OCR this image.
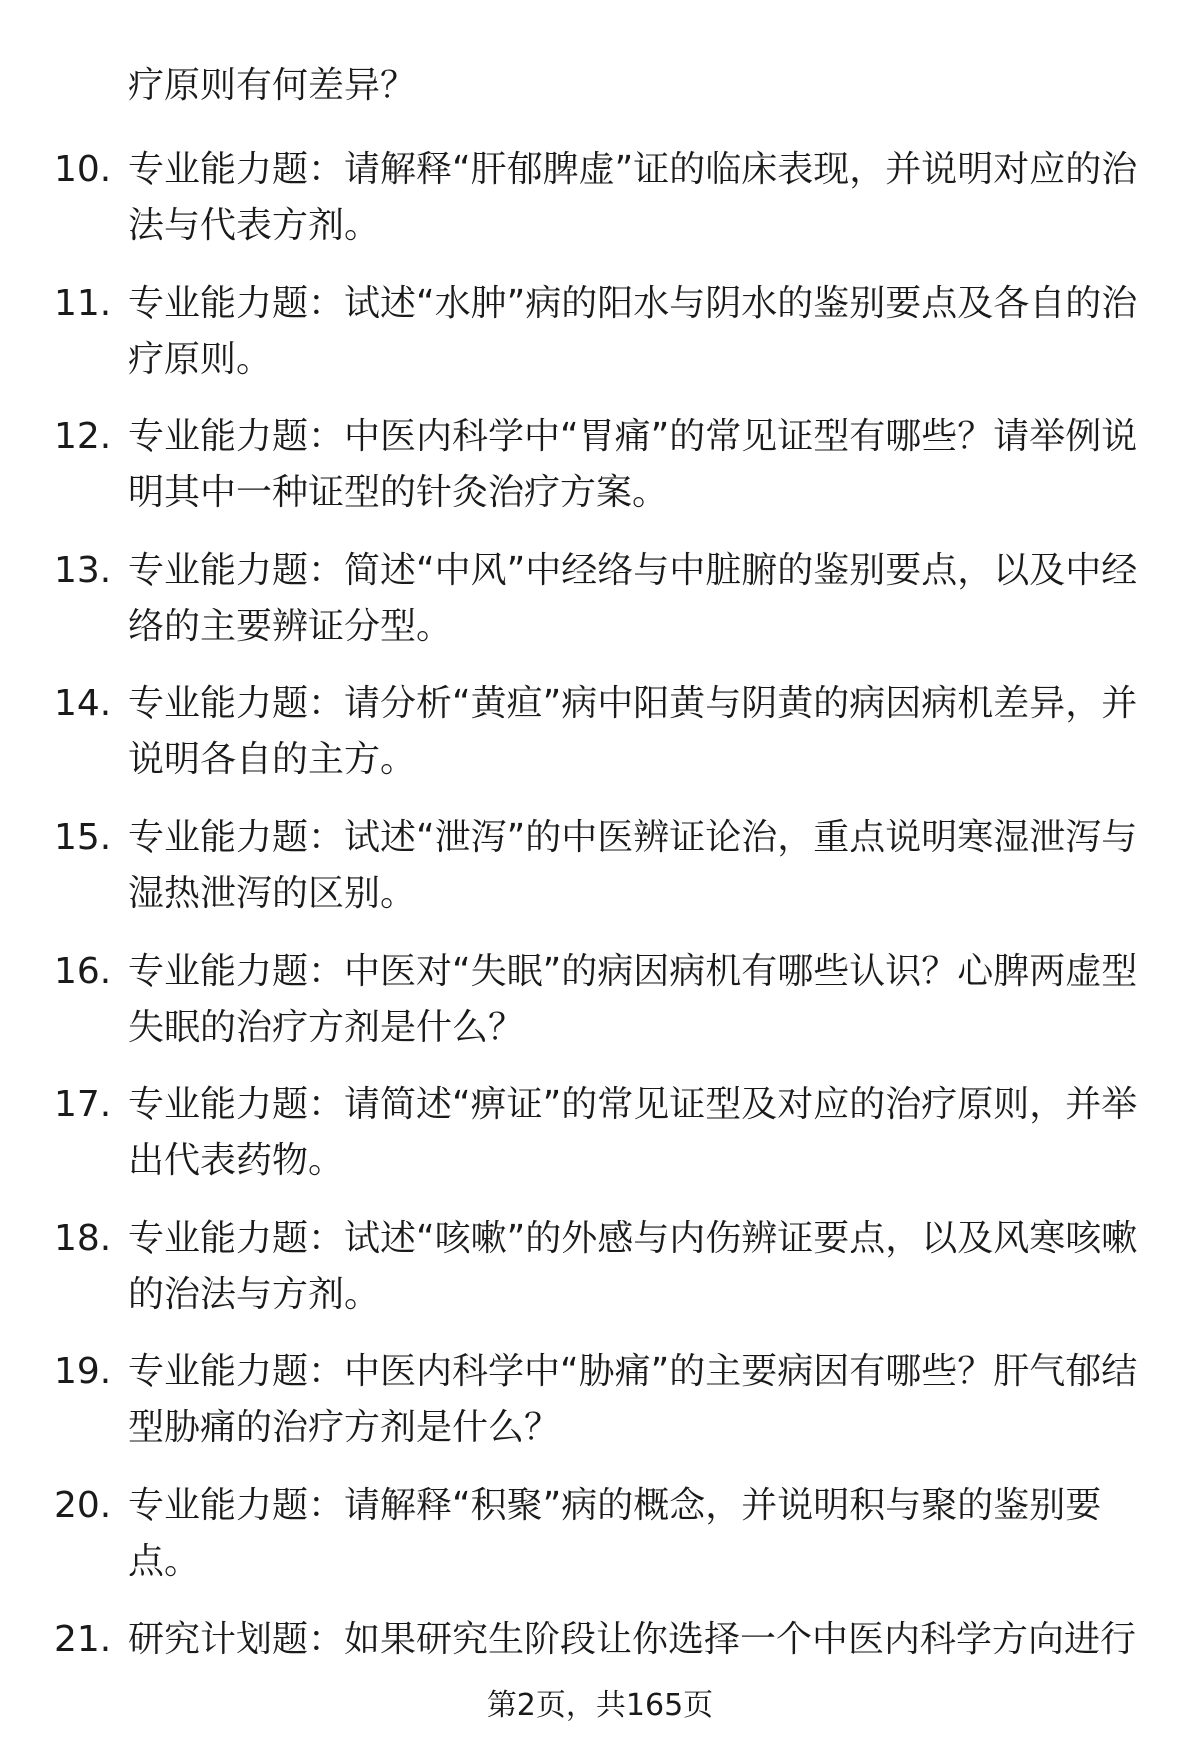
疗原则有何差异？
10. 专业能力题：请解释“肝郁脾虚”证的临床表现，并说明对应的治法与代表方剂。
11. 专业能力题：试述“水肿”病的阳水与阴水的鉴别要点及各自的治疗原则。
12. 专业能力题：中医内科学中“胃痛”的常见证型有哪些？请举例说明其中一种证型的针灸治疗方案。
13. 专业能力题：简述“中风”中经络与中脏腑的鉴别要点，以及中经络的主要辨证分型。
14. 专业能力题：请分析“黄疸”病中阳黄与阴黄的病因病机差异，并说明各自的主方。
15. 专业能力题：试述“泄泻”的中医辨证论治，重点说明寒湿泄泻与湿热泄泻的区别。
16. 专业能力题：中医对“失眠”的病因病机有哪些认识？心脾两虚型失眠的治疗方剂是什么？
17. 专业能力题：请简述“痹证”的常见证型及对应的治疗原则，并举出代表药物。
18. 专业能力题：试述“咳嗽”的外感与内伤辨证要点，以及风寒咳嗽的治法与方剂。
19. 专业能力题：中医内科学中“胁痛”的主要病因有哪些？肝气郁结型胁痛的治疗方剂是什么？
20. 专业能力题：请解释“积聚”病的概念，并说明积与聚的鉴别要点。
21. 研究计划题：如果研究生阶段让你选择一个中医内科学方向进行
第2页，共165页
